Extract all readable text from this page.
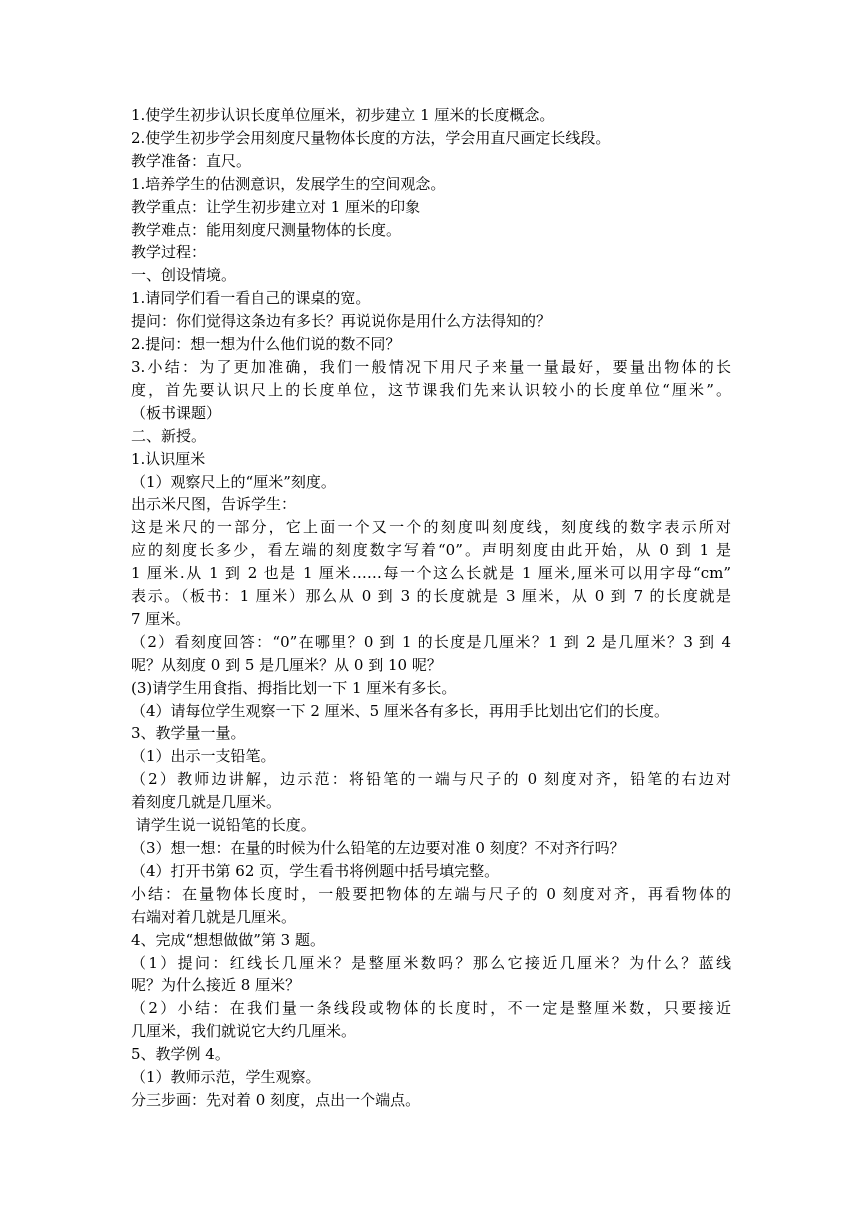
1.使学生初步认识长度单位厘米，初步建立 1 厘米的长度概念。
2.使学生初步学会用刻度尺量物体长度的方法，学会用直尺画定长线段。
教学准备：直尺。
1.培养学生的估测意识，发展学生的空间观念。
教学重点：让学生初步建立对 1 厘米的印象
教学难点：能用刻度尺测量物体的长度。
教学过程：
一、创设情境。
1.请同学们看一看自己的课桌的宽。
提问：你们觉得这条边有多长？再说说你是用什么方法得知的？
2.提问：想一想为什么他们说的数不同？
3.小结：为了更加准确，我们一般情况下用尺子来量一量最好，要量出物体的长
度，首先要认识尺上的长度单位，这节课我们先来认识较小的长度单位“厘米”。
（板书课题）
二、新授。
1.认识厘米
（1）观察尺上的“厘米”刻度。
出示米尺图，告诉学生：
这是米尺的一部分，它上面一个又一个的刻度叫刻度线，刻度线的数字表示所对
应的刻度长多少，看左端的刻度数字写着“0”。声明刻度由此开始，从 0 到 1 是
1 厘米.从 1 到 2 也是 1 厘米……每一个这么长就是 1 厘米,厘米可以用字母“cm”
表示。（板书：1 厘米）那么从 0 到 3 的长度就是 3 厘米，从 0 到 7 的长度就是
7 厘米。
（2）看刻度回答：“0”在哪里？0 到 1 的长度是几厘米？1 到 2 是几厘米？3 到 4
呢？从刻度 0 到 5 是几厘米？从 0 到 10 呢？
(3)请学生用食指、拇指比划一下 1 厘米有多长。
（4）请每位学生观察一下 2 厘米、5 厘米各有多长，再用手比划出它们的长度。
3、教学量一量。
（1）出示一支铅笔。
（2）教师边讲解，边示范：将铅笔的一端与尺子的 0 刻度对齐，铅笔的右边对
着刻度几就是几厘米。
请学生说一说铅笔的长度。
（3）想一想：在量的时候为什么铅笔的左边要对准 0 刻度？不对齐行吗？
（4）打开书第 62 页，学生看书将例题中括号填完整。
小结：在量物体长度时，一般要把物体的左端与尺子的 0 刻度对齐，再看物体的
右端对着几就是几厘米。
4、完成“想想做做”第 3 题。
（1）提问：红线长几厘米？是整厘米数吗？那么它接近几厘米？为什么？蓝线
呢？为什么接近 8 厘米？
（2）小结：在我们量一条线段或物体的长度时，不一定是整厘米数，只要接近
几厘米，我们就说它大约几厘米。
5、教学例 4。
（1）教师示范，学生观察。
分三步画：先对着 0 刻度，点出一个端点。
